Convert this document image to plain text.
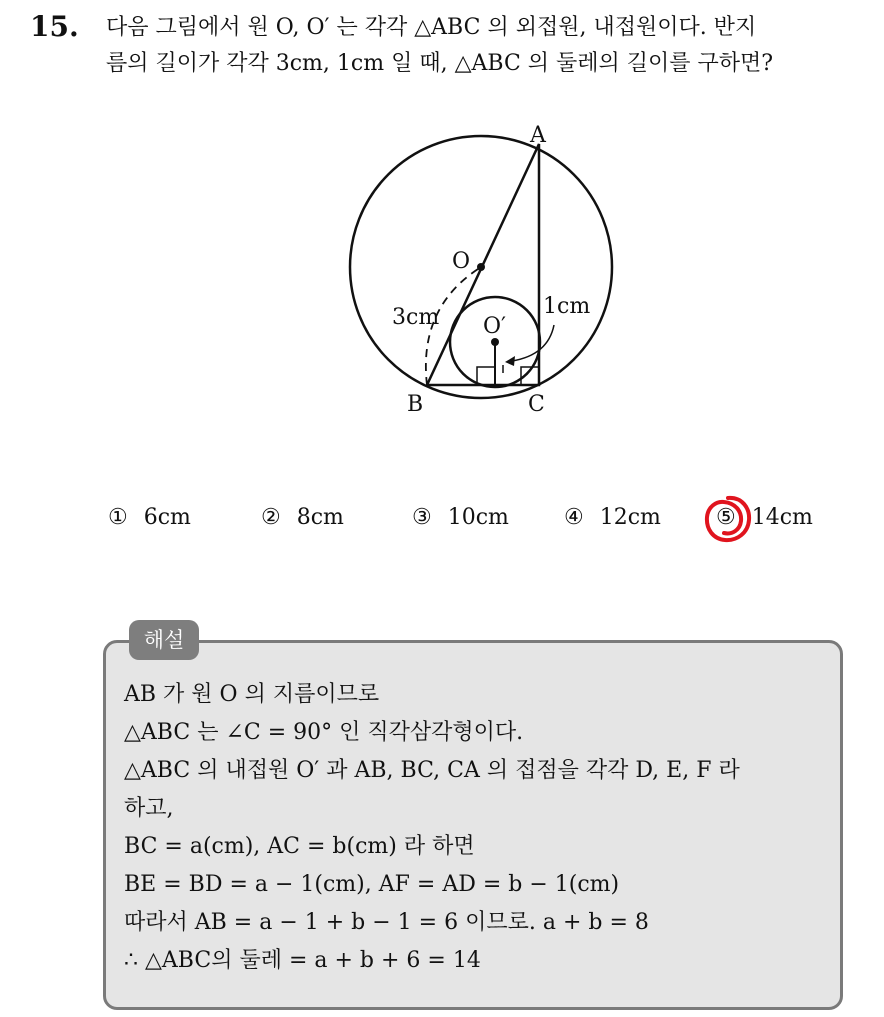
15. 다음 그림에서 원 O, O′ 는 각각 △ABC 의 외접원, 내접원이다. 반지
름의 길이가 각각 3cm, 1cm 일 때, △ABC 의 둘레의 길이를 구하면?
A
B	C
O
O′
3cm	1cm
① 6cm	② 8cm	③ 10cm	④ 12cm	⑤ 14cm
해설
AB 가 원 O 의 지름이므로
△ABC 는 ∠C = 90° 인 직각삼각형이다.
△ABC 의 내접원 O′ 과 AB, BC, CA 의 접점을 각각 D, E, F 라
하고,
BC = a(cm), AC = b(cm) 라 하면
BE = BD = a − 1(cm), AF = AD = b − 1(cm)
따라서 AB = a − 1 + b − 1 = 6 이므로. a + b = 8
∴ △ABC의 둘레 = a + b + 6 = 14
